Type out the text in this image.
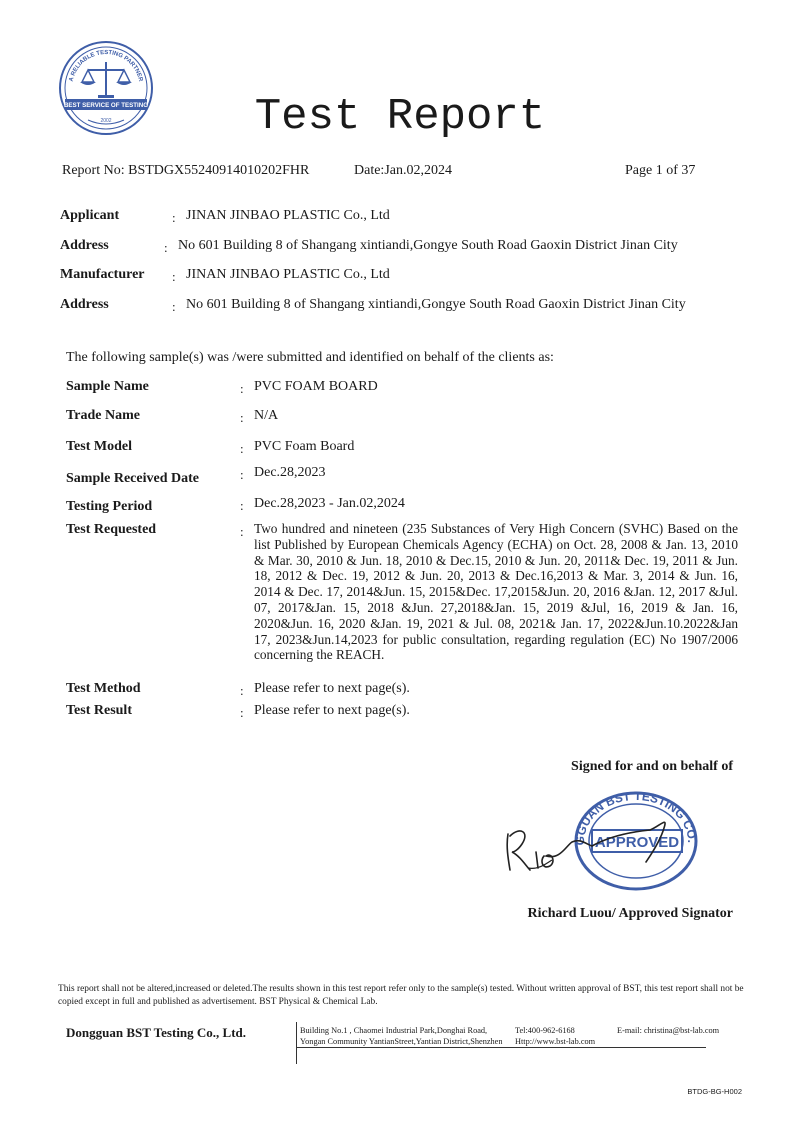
A RELIABLE TESTING PARTNER
BEST SERVICE OF TESTING
2002	Test Report
Report No: BSTDGX55240914010202FHR	Date:Jan.02,2024	Page 1 of 37
Applicant	: JINAN JINBAO PLASTIC Co., Ltd
Address	: No 601 Building 8 of Shangang xintiandi,Gongye South Road Gaoxin District Jinan City
Manufacturer : JINAN JINBAO PLASTIC Co., Ltd
Address	: No 601 Building 8 of Shangang xintiandi,Gongye South Road Gaoxin District Jinan City
The following sample(s) was /were submitted and identified on behalf of the clients as:
Sample Name	: PVC FOAM BOARD
Trade Name	: N/A
Test Model	: PVC Foam Board
Sample Received Date	: Dec.28,2023
Testing Period	: Dec.28,2023 - Jan.02,2024
Test Requested	: Two hundred and nineteen (235 Substances of Very High Concern (SVHC) Based on the list Published by European Chemicals Agency (ECHA) on Oct. 28, 2008 & Jan. 13, 2010 & Mar. 30, 2010 & Jun. 18, 2010 & Dec.15, 2010 & Jun. 20, 2011& Dec. 19, 2011 & Jun. 18, 2012 & Dec. 19, 2012 & Jun. 20, 2013 & Dec.16,2013 & Mar. 3, 2014 & Jun. 16, 2014 & Dec. 17, 2014&Jun. 15, 2015&Dec. 17,2015&Jun. 20, 2016 &Jan. 12, 2017 &Jul. 07, 2017&Jan. 15, 2018 &Jun. 27,2018&Jan. 15, 2019 &Jul, 16, 2019 & Jan. 16, 2020&Jun. 16, 2020 &Jan. 19, 2021 & Jul. 08, 2021& Jan. 17, 2022&Jun.10.2022&Jan 17, 2023&Jun.14,2023 for public consultation, regarding regulation (EC) No 1907/2006 concerning the REACH.
Test Method	: Please refer to next page(s).
Test Result	: Please refer to next page(s).
Signed for and on behalf of
GGUAN BST TESTING CO.
APPROVED
Richard Luou/ Approved Signator
This report shall not be altered,increased or deleted.The results shown in this test report refer only to the sample(s) tested. Without written approval of BST, this test report shall not be copied except in full and published as advertisement. BST Physical & Chemical Lab.
Dongguan BST Testing Co., Ltd.	Building No.1 , Chaomei Industrial Park,Donghai Road,
Yongan Community YantianStreet,Yantian District,Shenzhen
Tel:400-962-6168
Http://www.bst-lab.com
E-mail: christina@bst-lab.com
BTDG-BG-H002
